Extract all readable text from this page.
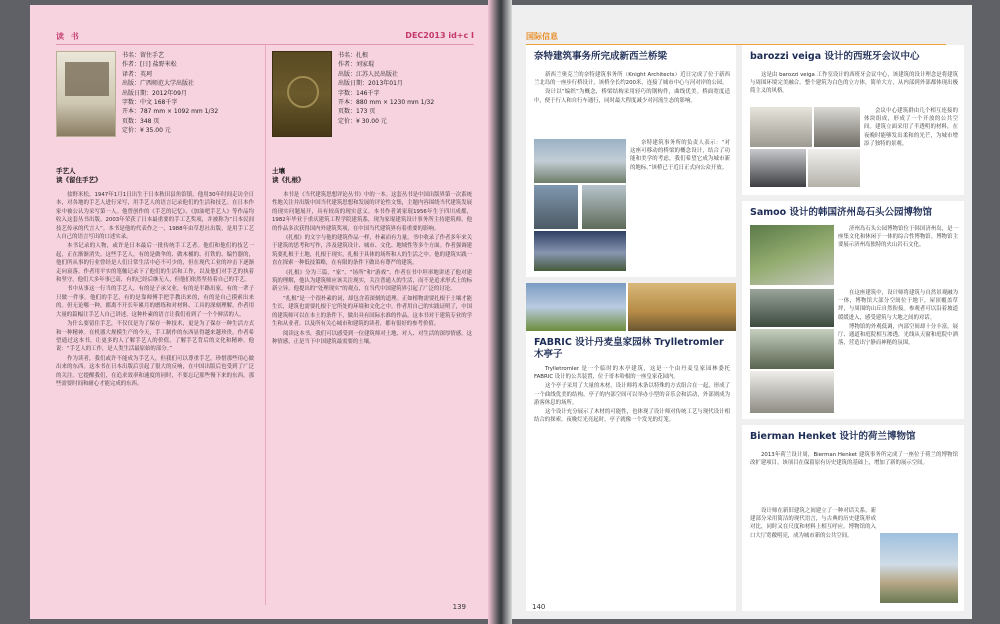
读 书	DEC2013 id+c I

书名：留住手艺

作者：[日] 盐野米松

译者：英珂

出版：广西师范大学出版社

出版日期：2012年09月

字数：中文 168千字

开本：787 mm × 1092 mm 1/32

页数：348 页

定价：¥ 35.00 元

手艺人
读《留住手艺》

盐野米松，1947年1月1日出生于日本秋田县角馆镇。他用30年时间走访全日本，对各地的手艺人进行采写，用手艺人的语言记录他们的生活和技艺。在日本作家中被公认为采写第一人。他曾创作的《手艺的记忆》、《加油吧手艺人》等作品均收入这套丛书出版。2003年荣获了日本最重要的手工艺奖项，并被称为“日本民间技艺传承的代言人”。本书是他的代表作之一，1988年由草思社出版，是用手工艺人自己的语言写出的口述实录。

本书记录的人物，或许是日本最后一批传统手工艺者。他们和他们的技艺一起，正在渐渐消失。这些手艺人，有的是做伞的、做木桶的、打铁的、编竹器的，他们所从事的行业曾经是人们日常生活中必不可少的，但在现代工业的冲击下逐渐走向衰落。作者用平实的笔触记录下了他们的生活和工作，以及他们对手艺的执着和坚守。他们大多年事已高，有的已经后继无人，但他们依然坚持着自己的手艺。

书中从事这一行当的手艺人，有的是子承父业，有的是半路出家，有的一辈子只做一件事。他们的手艺，有的是靠师傅手把手教出来的，有的是自己摸索出来的。但无论哪一种，都离不开长年累月的磨练和对材料、工具的深刻理解。作者用大量的篇幅让手艺人自己讲述，这种朴素的语言让我们看到了一个个鲜活的人。

为什么要留住手艺，不仅仅是为了保存一种技术，更是为了保存一种生活方式和一种精神。在机器大规模生产的今天，手工制作的东西显得越来越珍贵。作者希望通过这本书，让更多的人了解手艺人的价值，了解手艺背后的文化和精神。他说：“手艺人的工作，是人类生活最原始的部分。”

作为读者，我们或许不能成为手艺人，但我们可以尊重手艺，珍惜那些用心做出来的东西。这本书在日本出版后引起了很大的反响，在中国出版后也受到了广泛的关注。它提醒我们，在追求效率和速度的同时，不要忘记那些慢下来的东西，那些需要时间和耐心才能完成的东西。

书名：扎根

作者：刘家琨

出版：江苏人民出版社

出版日期：2013年01月

字数：146千字

开本：880 mm × 1230 mm 1/32

页数：173 页

定价：¥ 30.00 元

土壤
读《扎根》

本书是《当代建筑思想评论丛书》中的一本。这套丛书是中国出版界第一次系统性地关注并出版中国当代建筑思想和发展的评论性文集，主题内容围绕当代建筑发展的现实问题展开，具有较高的现实意义。本书作者刘家琨1956年生于四川成都，1982年毕业于重庆建筑工程学院建筑系，现为家琨建筑设计事务所主持建筑师。他的作品多次获得国内外建筑奖项，在中国当代建筑界有着重要的影响。

《扎根》的文字与他的建筑作品一样，朴素而有力量。书中收录了作者多年来关于建筑的思考和写作，涉及建筑设计、城市、文化、地域性等多个方面。作者强调建筑要扎根于土地，扎根于现实，扎根于具体的场所和人的生活之中。他的建筑实践一直在探索一种低技策略，在有限的条件下做出有尊严的建筑。

《扎根》分为三篇，“家”、“场所”和“游戏”。作者在书中坦率地讲述了他对建筑的理解，他认为建筑师应该关注现实，关注普通人的生活，而不是追求形式上的标新立异。他提出的“处理现实”的观点，在当代中国建筑界引起了广泛的讨论。

“扎根”是一个很朴素的词，却包含着深刻的道理。正如植物需要扎根于土壤才能生长，建筑也需要扎根于它所处的环境和文化之中。作者用自己的实践证明了，中国的建筑师可以在本土的条件下，做出具有国际水准的作品。这本书对于建筑专业的学生和从业者，以及所有关心城市和建筑的读者，都有很好的参考价值。

阅读这本书，我们可以感受到一位建筑师对土地、对人、对生活的深厚情感。这种情感，正是当下中国建筑最需要的土壤。

139
国际信息
奈特建筑事务所完成新西兰桥梁

新西兰奥克兰的奈特建筑事务所（Knight Architects）近日完成了位于新西兰北岛的一座步行桥设计，该桥全长约200米，连接了城市中心与河对岸的公园。

设计以“编织”为概念，桥梁结构采用轻巧的钢构件，曲线优美。桥面宽度适中，便于行人和自行车通行，同时最大程度减少对河流生态的影响。

奈特建筑事务所的负责人表示：“对这座可移动的桥梁的概念设计，结合了功能和美学的考虑，我们希望它成为城市新的地标。”该桥已于近日正式向公众开放。

barozzi veiga 设计的西班牙会议中心

这是由 barozzi veiga 工作室设计的西班牙会议中心，该建筑的设计理念是将建筑与周围环境完美融合。整个建筑为白色的立方体，简单大方，从内部到外部都体现出极简主义的风格。

会议中心建筑群由几个相互连接的体块组成，形成了一个开放的公共空间。建筑立面采用了半透明的材料，在夜晚时能够发出柔和的光芒，为城市增添了独特的景观。

Samoo 设计的韩国济州岛石头公园博物馆

济州岛石头公园博物馆位于韩国济州岛，是一座集文化和休闲于一体的综合性博物馆。博物馆主要展示济州岛独特的火山岩石文化。

在这座建筑中，设计师将建筑与自然景观融为一体，博物馆大部分空间位于地下，屋顶覆盖草坪，与周围的山丘自然衔接。参观者可以沿着坡道缓缓进入，感受建筑与大地之间的对话。

博物馆的外观低调，内部空间却十分丰富，展厅、通道和庭院相互渗透，光线从天窗和庭院中洒落，营造出宁静而神秘的氛围。

FABRIC 设计丹麦皇家园林 Trylletromler 木亭子

Trylletromler 是一个临时的木亭建筑，这是一个由丹麦皇家园林委托 FABRIC 设计的公共装置，位于哥本哈根的一座皇家花园内。

这个亭子采用了大量的木材，设计师将木条以特殊的方式组合在一起，形成了一个曲线优美的结构。亭子的内部空间可以举办小型的音乐会和活动，外部则成为游客休息的场所。

这个设计充分展示了木材的可能性，也体现了设计师对传统工艺与现代设计相结合的探索。夜晚灯光亮起时，亭子就像一个发光的灯笼。

Bierman Henket 设计的荷兰博物馆

2013年荷兰设计周，Bierman Henket 建筑事务所完成了一座位于荷兰的博物馆改扩建项目。该项目在保留原有历史建筑的基础上，增加了新的展示空间。

设计师在新旧建筑之间建立了一种对话关系，新建部分采用简洁的现代语言，与古典的历史建筑形成对比，同时又在尺度和材料上相互呼应。博物馆的入口大厅宽敞明亮，成为城市新的公共空间。

140
